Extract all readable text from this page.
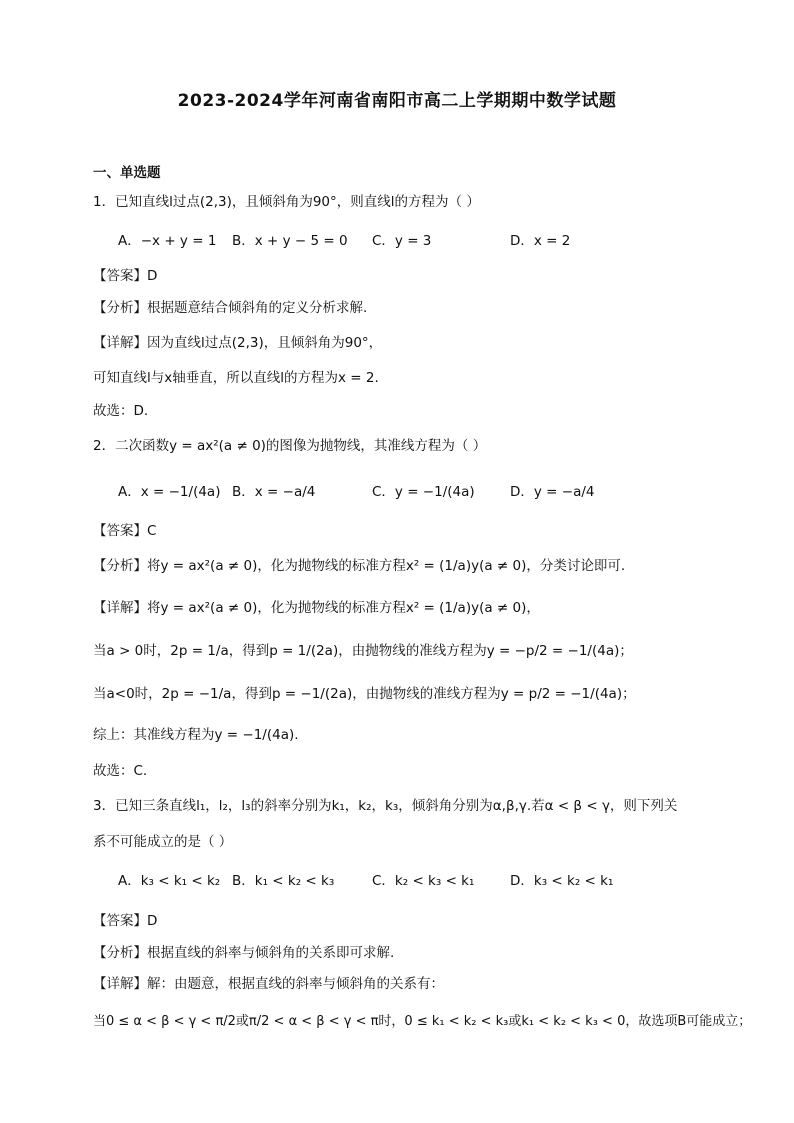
2023-2024学年河南省南阳市高二上学期期中数学试题
一、单选题
1．已知直线l过点(2,3)，且倾斜角为90°，则直线l的方程为（ ）
A．−x + y = 1 B．x + y − 5 = 0 C．y = 3	D．x = 2
【答案】D
【分析】根据题意结合倾斜角的定义分析求解.
【详解】因为直线l过点(2,3)，且倾斜角为90°，
可知直线l与x轴垂直，所以直线l的方程为x = 2.
故选：D.
2．二次函数y = ax²(a ≠ 0)的图像为抛物线，其准线方程为（ ）
A．x = −1/(4a) B．x = −a/4	C．y = −1/(4a)	D．y = −a/4
【答案】C
【分析】将y = ax²(a ≠ 0)，化为抛物线的标准方程x² = (1/a)y(a ≠ 0)，分类讨论即可.
【详解】将y = ax²(a ≠ 0)，化为抛物线的标准方程x² = (1/a)y(a ≠ 0)，
当a > 0时，2p = 1/a，得到p = 1/(2a)，由抛物线的准线方程为y = −p/2 = −1/(4a)；
当a<0时，2p = −1/a，得到p = −1/(2a)，由抛物线的准线方程为y = p/2 = −1/(4a)；
综上：其准线方程为y = −1/(4a).
故选：C.
3．已知三条直线l₁，l₂，l₃的斜率分别为k₁，k₂，k₃，倾斜角分别为α,β,γ.若α < β < γ，则下列关
系不可能成立的是（ ）
A．k₃ < k₁ < k₂ B．k₁ < k₂ < k₃	C．k₂ < k₃ < k₁	D．k₃ < k₂ < k₁
【答案】D
【分析】根据直线的斜率与倾斜角的关系即可求解.
【详解】解：由题意，根据直线的斜率与倾斜角的关系有：
当0 ≤ α < β < γ < π/2或π/2 < α < β < γ < π时，0 ≤ k₁ < k₂ < k₃或k₁ < k₂ < k₃ < 0，故选项B可能成立；
